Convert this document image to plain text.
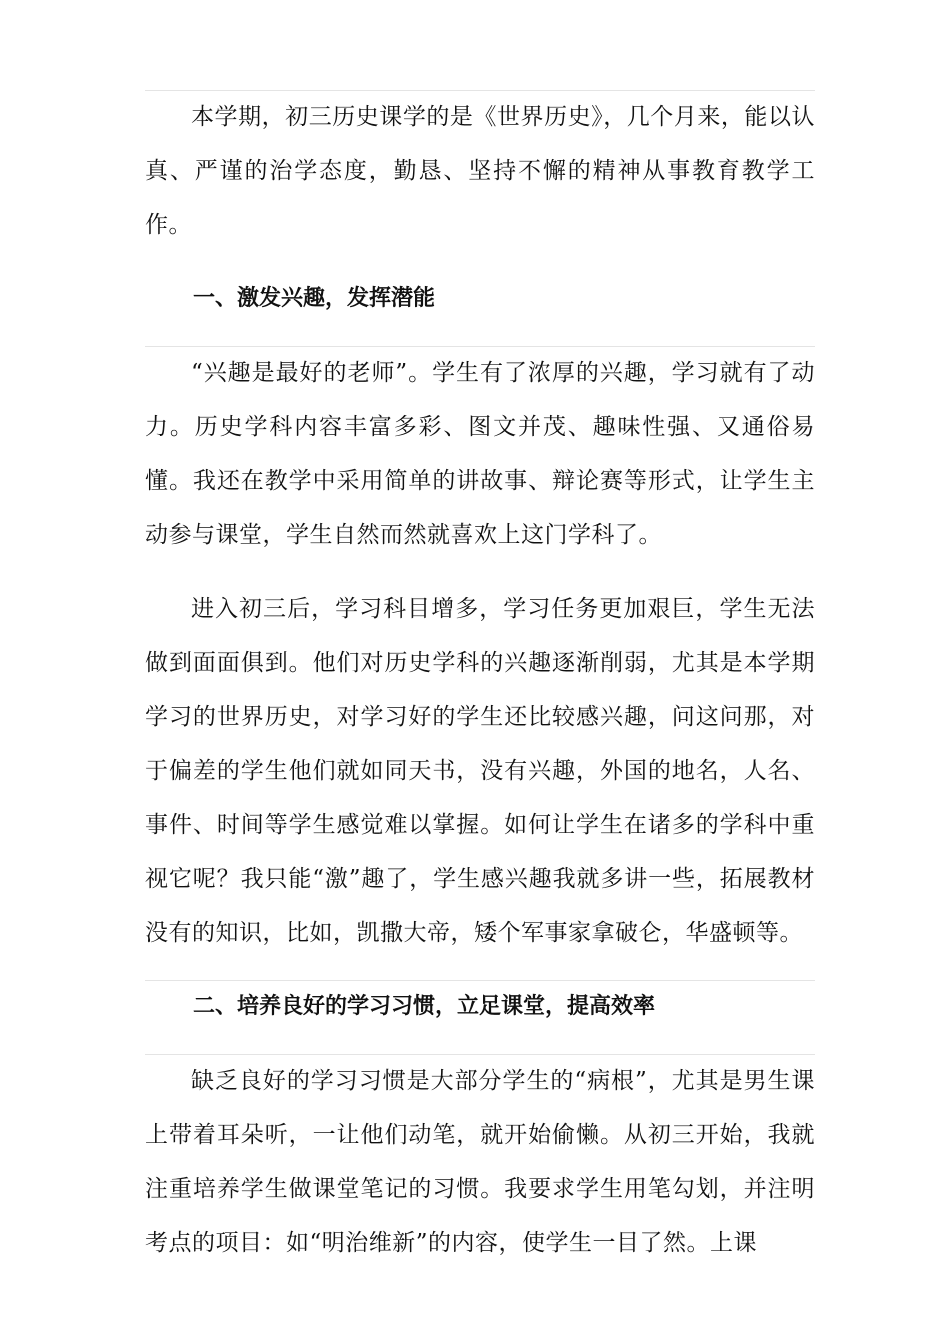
本学期，初三历史课学的是《世界历史》，几个月来，能以认真、严谨的治学态度，勤恳、坚持不懈的精神从事教育教学工作。

一、激发兴趣，发挥潜能

“兴趣是最好的老师”。学生有了浓厚的兴趣，学习就有了动力。历史学科内容丰富多彩、图文并茂、趣味性强、又通俗易懂。我还在教学中采用简单的讲故事、辩论赛等形式，让学生主动参与课堂，学生自然而然就喜欢上这门学科了。

进入初三后，学习科目增多，学习任务更加艰巨，学生无法做到面面俱到。他们对历史学科的兴趣逐渐削弱，尤其是本学期学习的世界历史，对学习好的学生还比较感兴趣，问这问那，对于偏差的学生他们就如同天书，没有兴趣，外国的地名，人名、事件、时间等学生感觉难以掌握。如何让学生在诸多的学科中重视它呢？我只能“激”趣了，学生感兴趣我就多讲一些，拓展教材没有的知识，比如，凯撒大帝，矮个军事家拿破仑，华盛顿等。

二、培养良好的学习习惯，立足课堂，提高效率

缺乏良好的学习习惯是大部分学生的“病根”，尤其是男生课上带着耳朵听，一让他们动笔，就开始偷懒。从初三开始，我就注重培养学生做课堂笔记的习惯。我要求学生用笔勾划，并注明考点的项目：如“明治维新”的内容，使学生一目了然。上课
